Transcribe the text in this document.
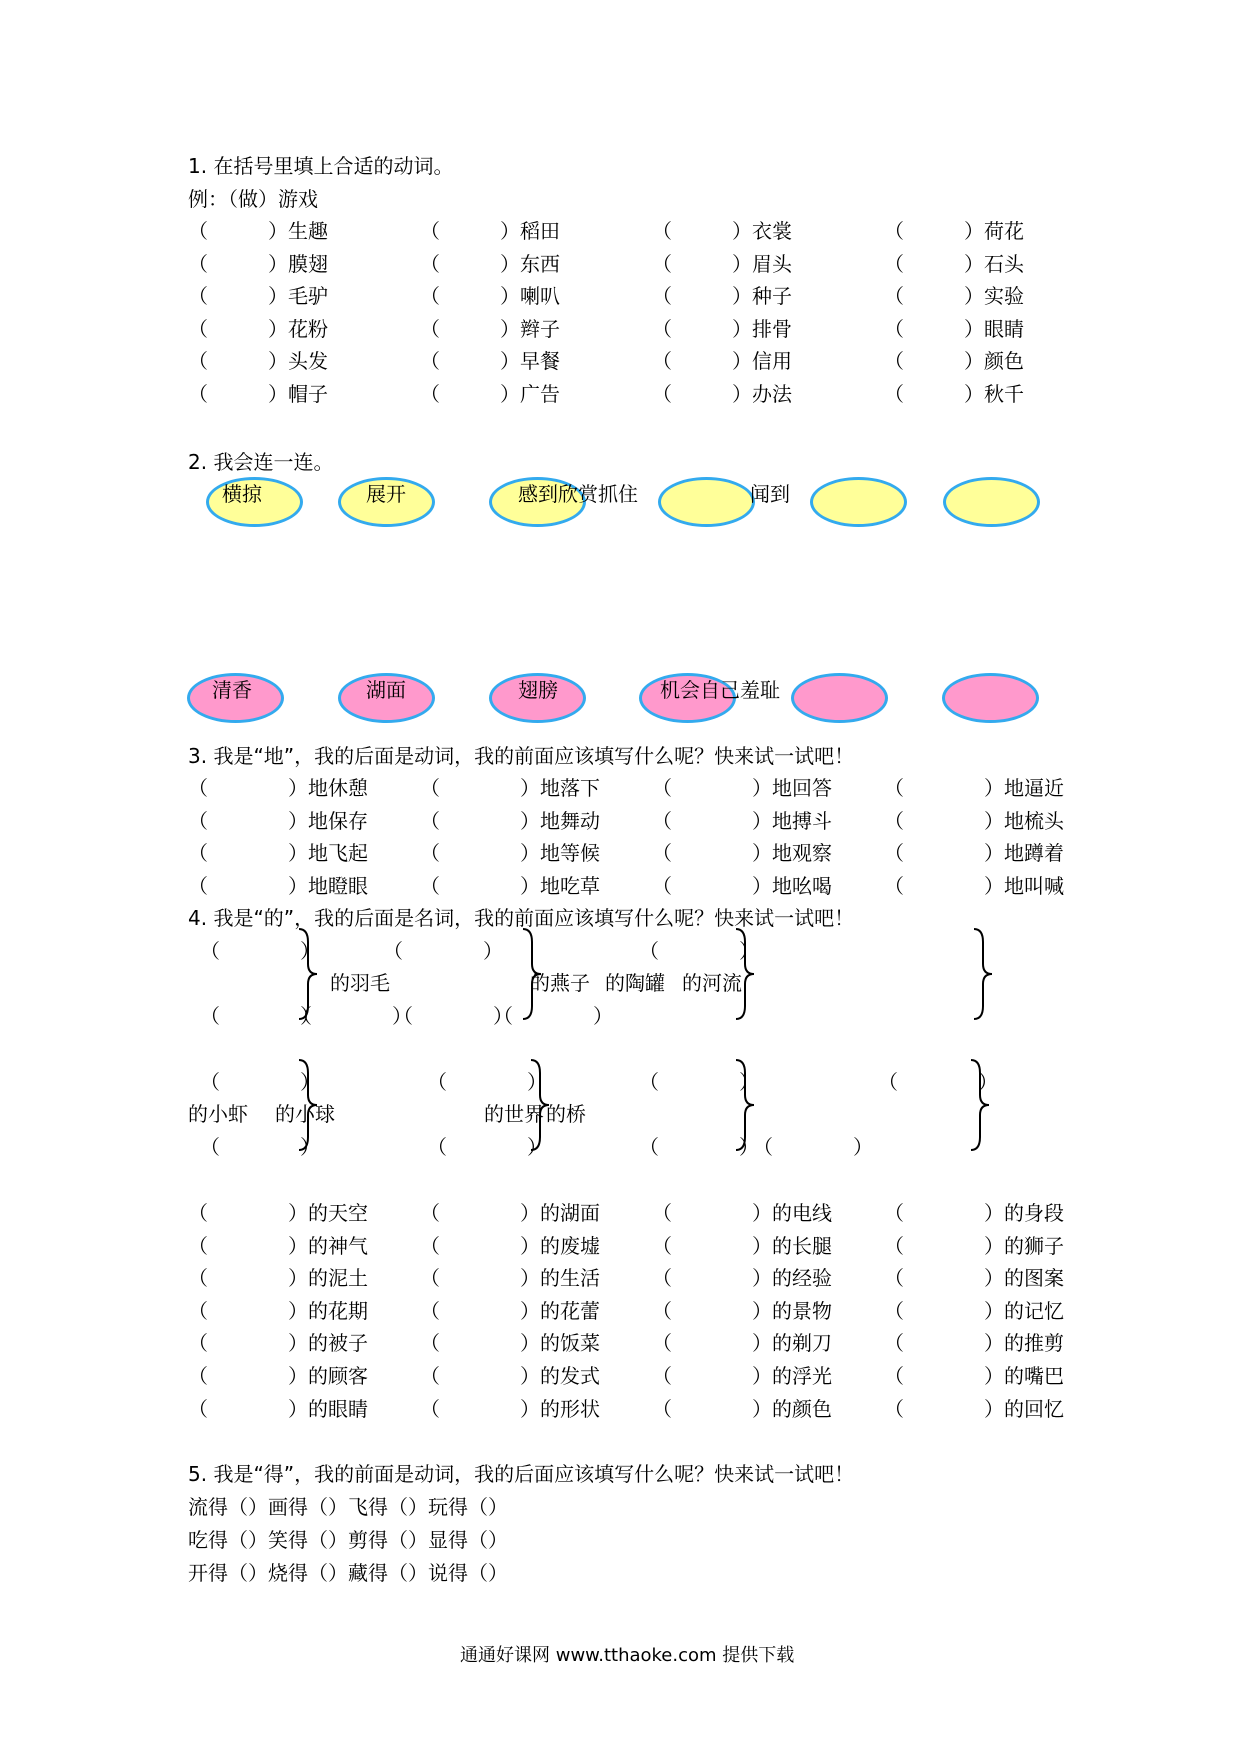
1. 在括号里填上合适的动词。
例：（做）游戏
（　　　）生趣	（　　　）稻田	（　　　）衣裳	（　　　）荷花
（　　　）膜翅	（　　　）东西	（　　　）眉头	（　　　）石头
（　　　）毛驴	（　　　）喇叭	（　　　）种子	（　　　）实验
（　　　）花粉	（　　　）辫子	（　　　）排骨	（　　　）眼睛
（　　　）头发	（　　　）早餐	（　　　）信用	（　　　）颜色
（　　　）帽子	（　　　）广告	（　　　）办法	（　　　）秋千
2. 我会连一连。
横掠	展开	感到欣赏抓住	闻到
清香	湖面	翅膀	机会自己羞耻
3. 我是“地”，我的后面是动词，我的前面应该填写什么呢？快来试一试吧！
（　　　　）地休憩	（　　　　）地落下	（　　　　）地回答	（　　　　）地逼近
（　　　　）地保存	（　　　　）地舞动	（　　　　）地搏斗	（　　　　）地梳头
（　　　　）地飞起	（　　　　）地等候	（　　　　）地观察	（　　　　）地蹲着
（　　　　）地瞪眼	（　　　　）地吃草	（　　　　）地吆喝	（　　　　）地叫喊
4. 我是“的”，我的后面是名词，我的前面应该填写什么呢？快来试一试吧！
（　　　　）	（　　　　）	（　　　　）
（　　　　）
（　　　　）
（　　　　）
（　　　　）
的羽毛	的燕子 的陶罐 的河流
（　　　　）	（　　　　）	（　　　　）	（　　　　）
（　　　　）	（　　　　）	（　　　　）
（　　　　）
的小虾 的小球	的世界 的桥
（　　　　）的天空	（　　　　）的湖面	（　　　　）的电线	（　　　　）的身段
（　　　　）的神气	（　　　　）的废墟	（　　　　）的长腿	（　　　　）的狮子
（　　　　）的泥土	（　　　　）的生活	（　　　　）的经验	（　　　　）的图案
（　　　　）的花期	（　　　　）的花蕾	（　　　　）的景物	（　　　　）的记忆
（　　　　）的被子	（　　　　）的饭菜	（　　　　）的剃刀	（　　　　）的推剪
（　　　　）的顾客	（　　　　）的发式	（　　　　）的浮光	（　　　　）的嘴巴
（　　　　）的眼睛	（　　　　）的形状	（　　　　）的颜色	（　　　　）的回忆
5. 我是“得”，我的前面是动词，我的后面应该填写什么呢？快来试一试吧！
流得（）画得（）飞得（）玩得（）
吃得（）笑得（）剪得（）显得（）
开得（）烧得（）藏得（）说得（）
通通好课网 www.tthaoke.com 提供下载
